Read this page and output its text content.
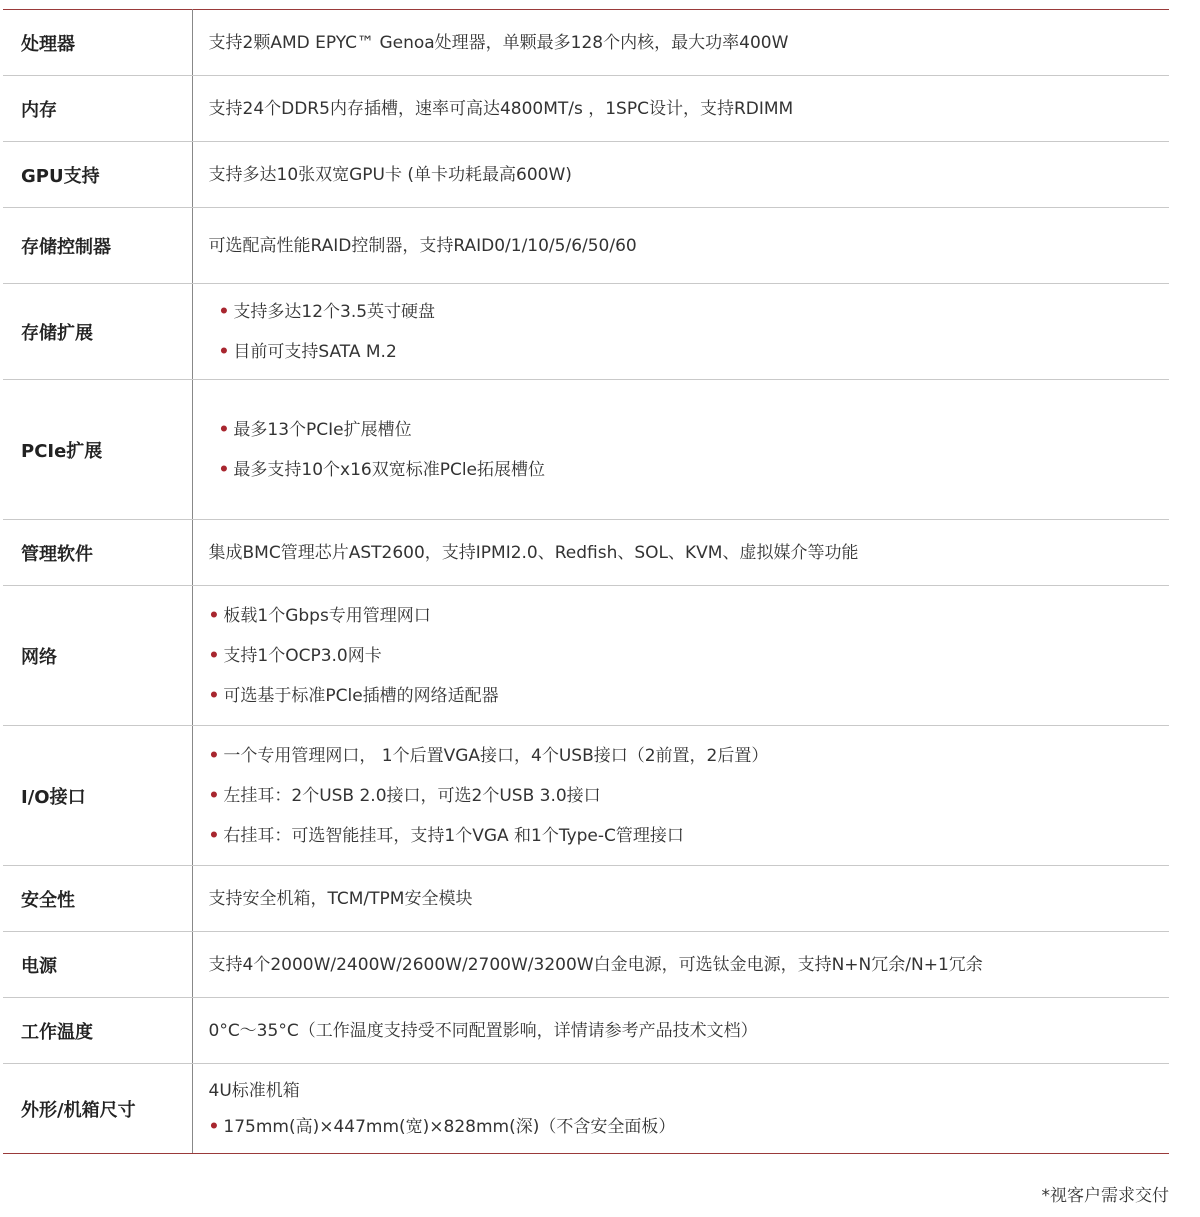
处理器	支持2颗AMD EPYC™ Genoa处理器，单颗最多128个内核，最大功率400W

内存	支持24个DDR5内存插槽，速率可高达4800MT/s ，1SPC设计，支持RDIMM

GPU支持	支持多达10张双宽GPU卡 (单卡功耗最高600W)

存储控制器	可选配高性能RAID控制器，支持RAID0/1/10/5/6/50/60

存储扩展	• 支持多达12个3.5英寸硬盘
• 目前可支持SATA M.2

PCIe扩展	• 最多13个PCIe扩展槽位
• 最多支持10个x16双宽标准PCle拓展槽位

管理软件	集成BMC管理芯片AST2600，支持IPMI2.0、Redfish、SOL、KVM、虚拟媒介等功能

网络	• 板载1个Gbps专用管理网口
• 支持1个OCP3.0网卡
• 可选基于标准PCle插槽的网络适配器

I/O接口	• 一个专用管理网口， 1个后置VGA接口，4个USB接口（2前置，2后置）
• 左挂耳：2个USB 2.0接口，可选2个USB 3.0接口
• 右挂耳：可选智能挂耳，支持1个VGA 和1个Type-C管理接口

安全性	支持安全机箱，TCM/TPM安全模块

电源	支持4个2000W/2400W/2600W/2700W/3200W白金电源，可选钛金电源，支持N+N冗余/N+1冗余

工作温度	0°C～35°C（工作温度支持受不同配置影响，详情请参考产品技术文档）

外形/机箱尺寸	4U标准机箱
• 175mm(高)×447mm(宽)×828mm(深)（不含安全面板）
*视客户需求交付
